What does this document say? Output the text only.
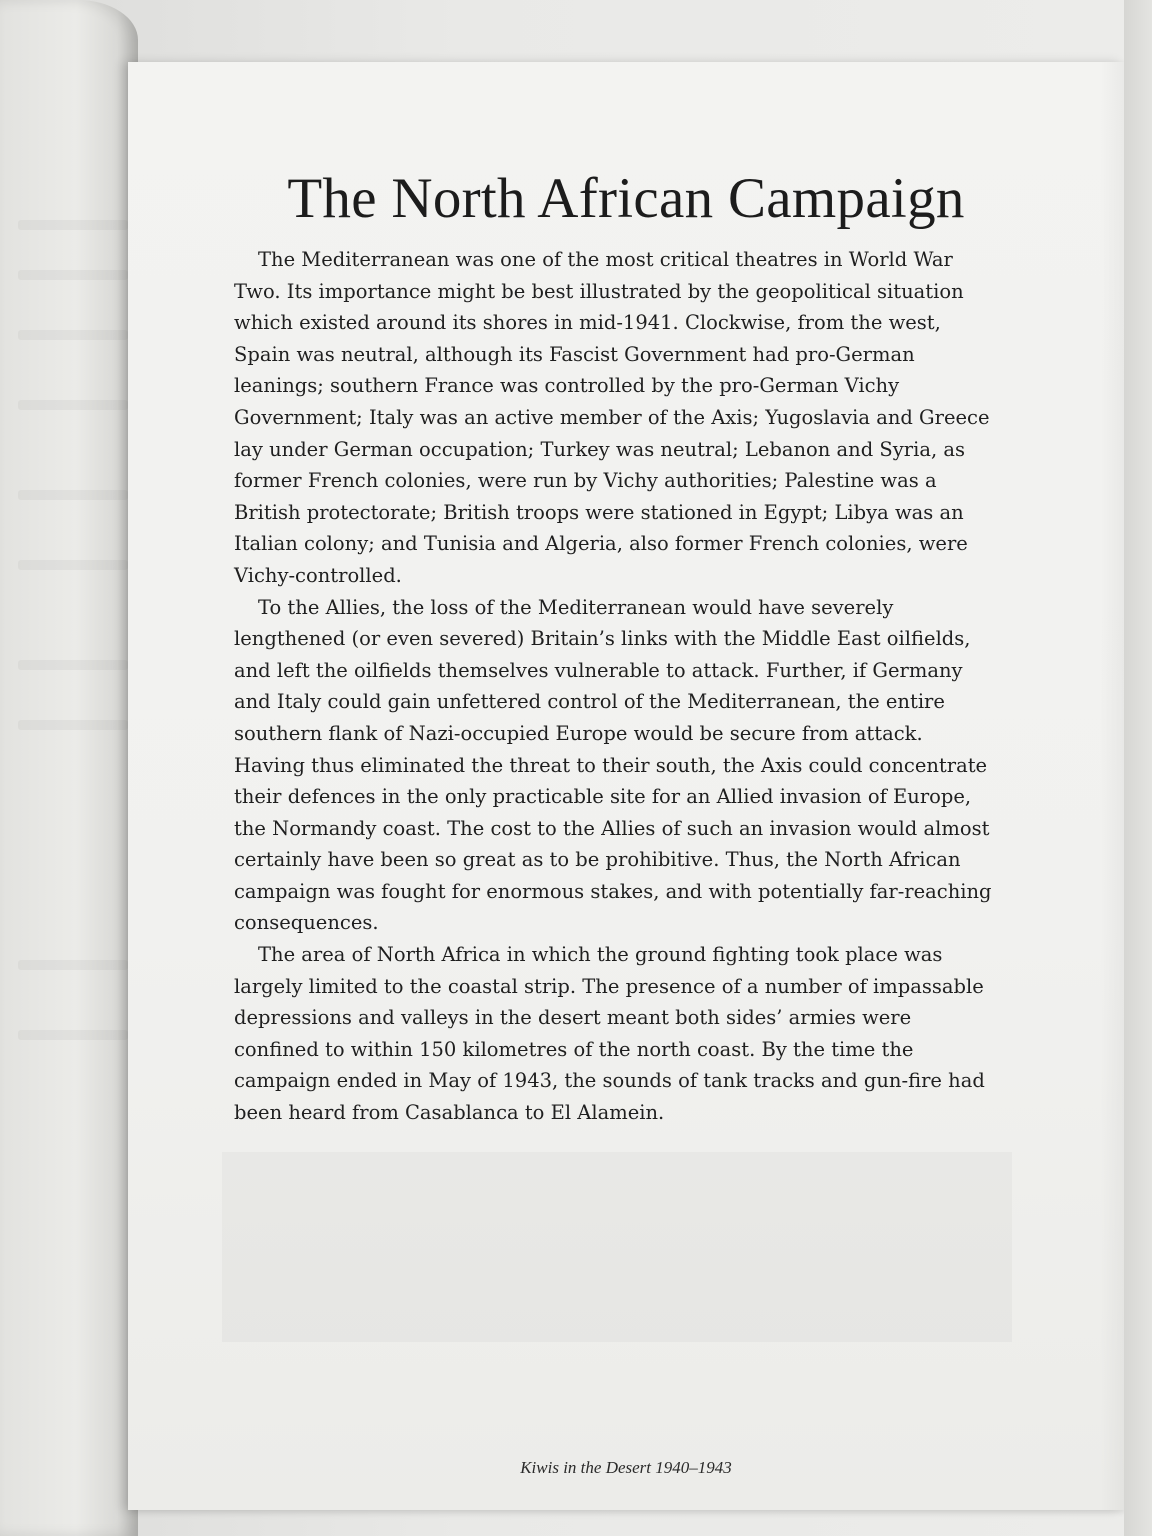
The North African Campaign

The Mediterranean was one of the most critical theatres in World War Two. Its importance might be best illustrated by the geopolitical situation which existed around its shores in mid-1941. Clockwise, from the west, Spain was neutral, although its Fascist Government had pro-German leanings; southern France was controlled by the pro-German Vichy Government; Italy was an active member of the Axis; Yugoslavia and Greece lay under German occupation; Turkey was neutral; Lebanon and Syria, as former French colonies, were run by Vichy authorities; Palestine was a British protectorate; British troops were stationed in Egypt; Libya was an Italian colony; and Tunisia and Algeria, also former French colonies, were Vichy-controlled.

To the Allies, the loss of the Mediterranean would have severely lengthened (or even severed) Britain’s links with the Middle East oilfields, and left the oilfields themselves vulnerable to attack. Further, if Germany and Italy could gain unfettered control of the Mediterranean, the entire southern flank of Nazi-occupied Europe would be secure from attack. Having thus eliminated the threat to their south, the Axis could concentrate their defences in the only practicable site for an Allied invasion of Europe, the Normandy coast. The cost to the Allies of such an invasion would almost certainly have been so great as to be prohibitive. Thus, the North African campaign was fought for enormous stakes, and with potentially far-reaching consequences.

The area of North Africa in which the ground fighting took place was largely limited to the coastal strip. The presence of a number of impassable depressions and valleys in the desert meant both sides’ armies were confined to within 150 kilometres of the north coast. By the time the campaign ended in May of 1943, the sounds of tank tracks and gun-fire had been heard from Casablanca to El Alamein.

Kiwis in the Desert 1940–1943
